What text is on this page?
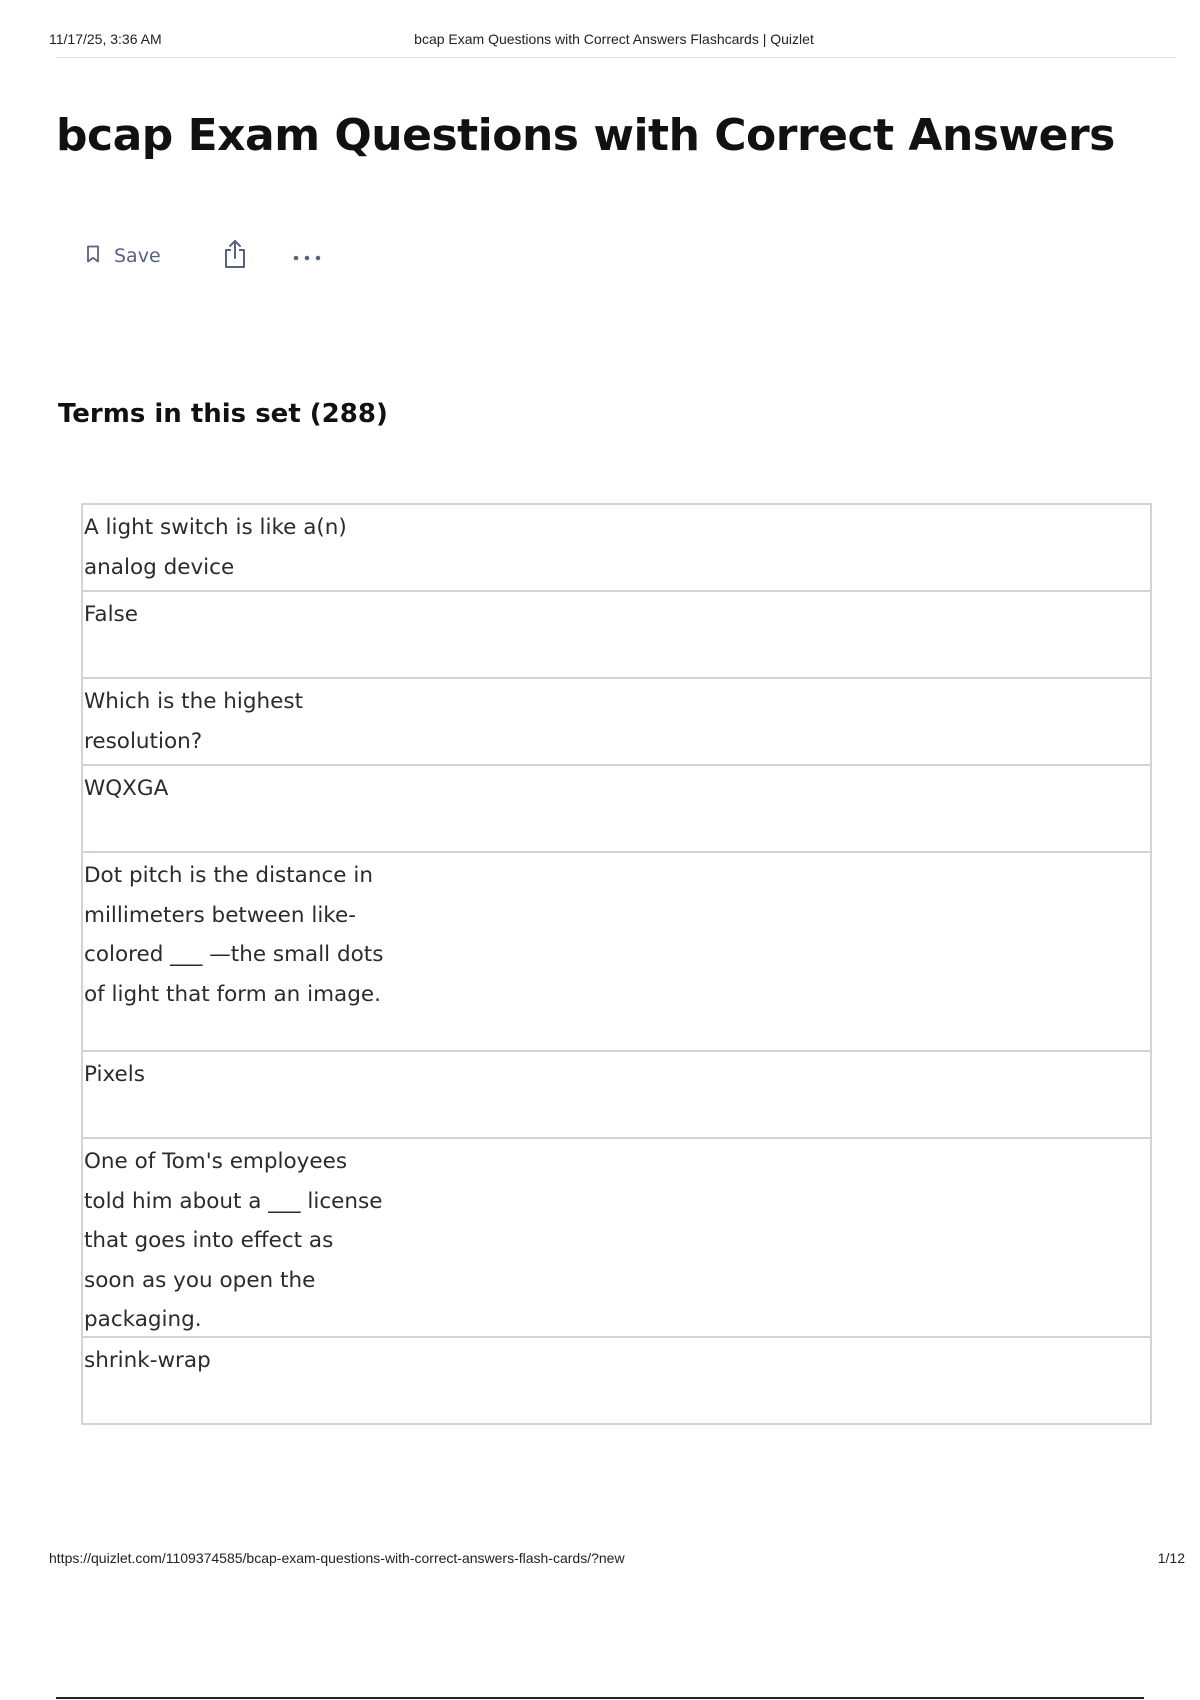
11/17/25, 3:36 AM	bcap Exam Questions with Correct Answers Flashcards | Quizlet
bcap Exam Questions with Correct Answers
Save
Terms in this set (288)
A light switch is like a(n) analog device
False
Which is the highest resolution?
WQXGA
Dot pitch is the distance in millimeters between like-colored ___ —the small dots of light that form an image.
Pixels
One of Tom's employees told him about a ___ license that goes into effect as soon as you open the packaging.
shrink-wrap
https://quizlet.com/1109374585/bcap-exam-questions-with-correct-answers-flash-cards/?new	1/12
